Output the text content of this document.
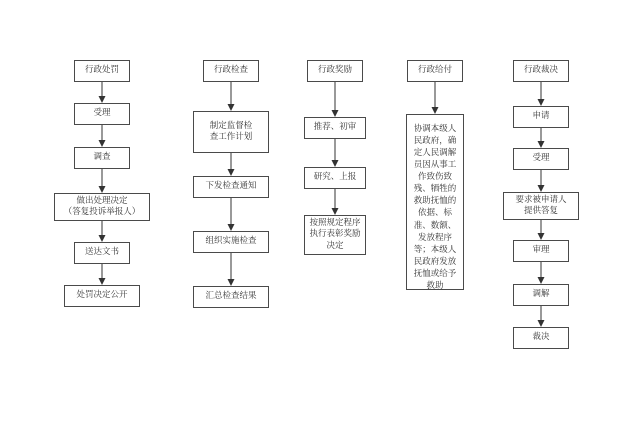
行政处罚
受理
调查
做出处理决定
（答复投诉举报人）
送达文书
处罚决定公开
行政检查
制定监督检
查工作计划
下发检查通知
组织实施检查
汇总检查结果
行政奖励
推荐、初审
研究、上报
按照规定程序
执行表彰奖励
决定
行政给付
协调本级人
民政府，确
定人民调解
员因从事工
作致伤致
残、牺牲的
救助抚恤的
依据、标
准、数额、
发放程序
等；本级人
民政府发放
抚恤或给予
救助
行政裁决
申请
受理
要求被申请人
提供答复
审理
调解
裁决
